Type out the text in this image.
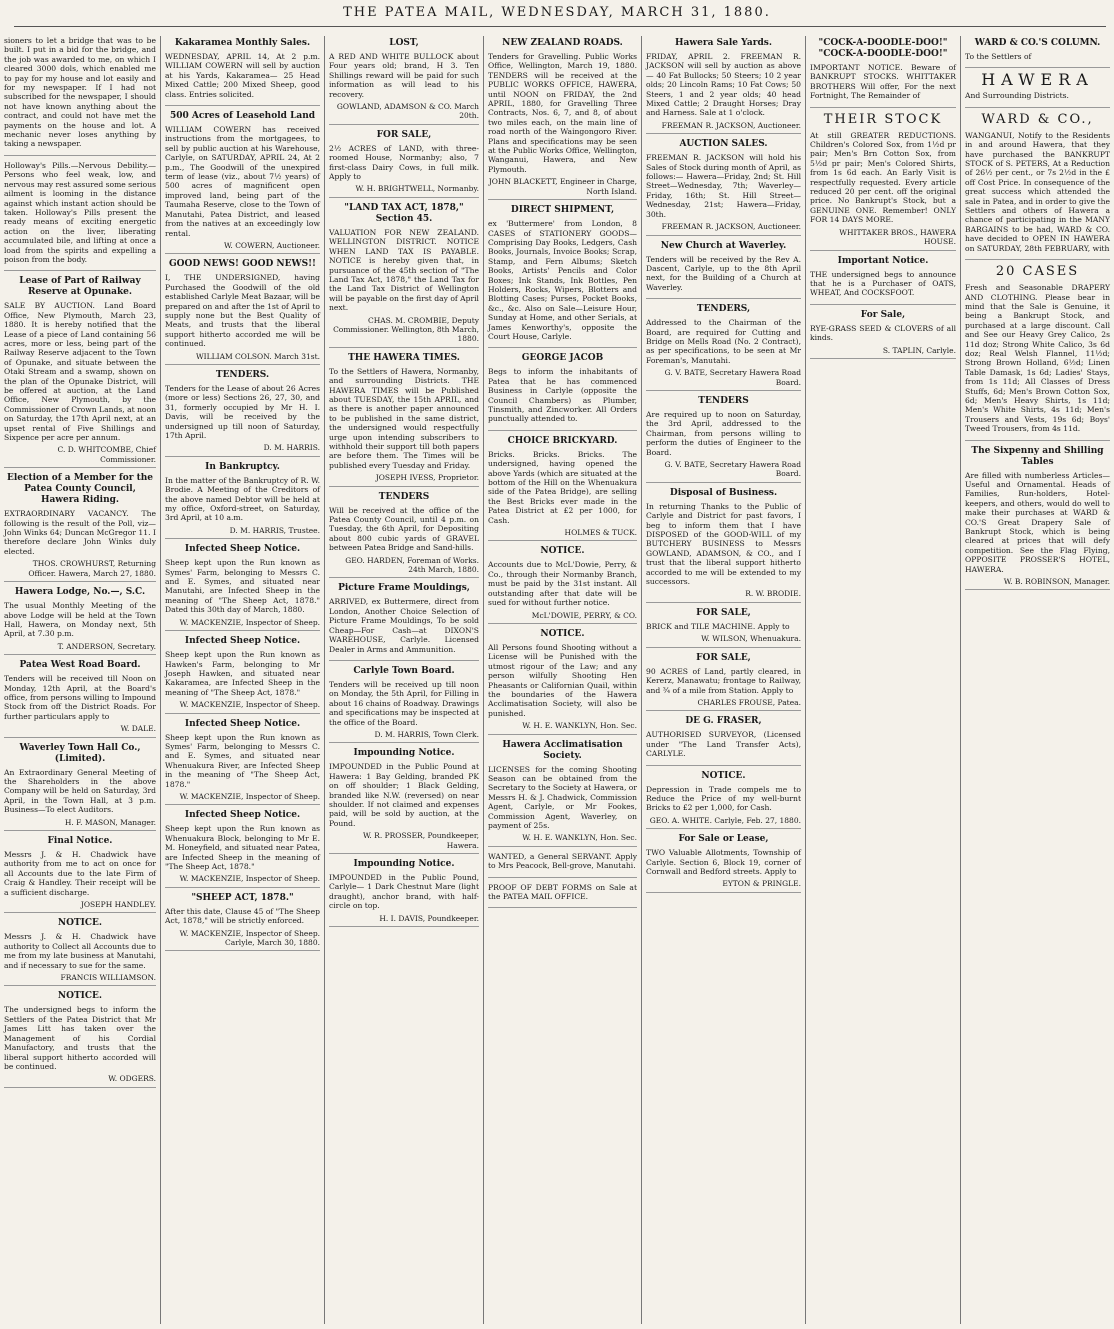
THE PATEA MAIL, WEDNESDAY, MARCH 31, 1880.

sioners to let a bridge that was to be built. I put in a bid for the bridge, and the job was awarded to me, on which I cleared 3000 dols, which enabled me to pay for my house and lot easily and for my newspaper. If I had not subscribed for the newspaper, I should not have known anything about the contract, and could not have met the payments on the house and lot. A mechanic never loses anything by taking a newspaper.

Holloway's Pills.—Nervous Debility.—Persons who feel weak, low, and nervous may rest assured some serious ailment is looming in the distance against which instant action should be taken. Holloway's Pills present the ready means of exciting energetic action on the liver, liberating accumulated bile, and lifting at once a load from the spirits and expelling a poison from the body.

Lease of Part of Railway Reserve at Opunake.

SALE BY AUCTION. Land Board Office, New Plymouth, March 23, 1880. It is hereby notified that the Lease of a piece of Land containing 56 acres, more or less, being part of the Railway Reserve adjacent to the Town of Opunake, and situate between the Otaki Stream and a swamp, shown on the plan of the Opunake District, will be offered at auction, at the Land Office, New Plymouth, by the Commissioner of Crown Lands, at noon on Saturday, the 17th April next, at an upset rental of Five Shillings and Sixpence per acre per annum.

C. D. WHITCOMBE, Chief Commissioner.
Election of a Member for the Patea County Council, Hawera Riding.

EXTRAORDINARY VACANCY. The following is the result of the Poll, viz— John Winks 64; Duncan McGregor 11. I therefore declare John Winks duly elected.

THOS. CROWHURST, Returning Officer. Hawera, March 27, 1880.
Hawera Lodge, No.—, S.C.

The usual Monthly Meeting of the above Lodge will be held at the Town Hall, Hawera, on Monday next, 5th April, at 7.30 p.m.

T. ANDERSON, Secretary.
Patea West Road Board.

Tenders will be received till Noon on Monday, 12th April, at the Board's office, from persons willing to Impound Stock from off the District Roads. For further particulars apply to

W. DALE.
Waverley Town Hall Co., (Limited).

An Extraordinary General Meeting of the Shareholders in the above Company will be held on Saturday, 3rd April, in the Town Hall, at 3 p.m. Business—To elect Auditors.

H. F. MASON, Manager.
Final Notice.

Messrs J. & H. Chadwick have authority from me to act on once for all Accounts due to the late Firm of Craig & Handley. Their receipt will be a sufficient discharge.

JOSEPH HANDLEY.
NOTICE.

Messrs J. & H. Chadwick have authority to Collect all Accounts due to me from my late business at Manutahi, and if necessary to sue for the same.

FRANCIS WILLIAMSON.
NOTICE.

The undersigned begs to inform the Settlers of the Patea District that Mr James Litt has taken over the Management of his Cordial Manufactory, and trusts that the liberal support hitherto accorded will be continued.

W. ODGERS.
Kakaramea Monthly Sales.

WEDNESDAY, APRIL 14, At 2 p.m. WILLIAM COWERN will sell by auction at his Yards, Kakaramea— 25 Head Mixed Cattle; 200 Mixed Sheep, good class. Entries solicited.

500 Acres of Leasehold Land

WILLIAM COWERN has received instructions from the mortgagees, to sell by public auction at his Warehouse, Carlyle, on SATURDAY, APRIL 24, At 2 p.m., The Goodwill of the unexpired term of lease (viz., about 7½ years) of 500 acres of magnificent open improved land, being part of the Taumaha Reserve, close to the Town of Manutahi, Patea District, and leased from the natives at an exceedingly low rental.

W. COWERN, Auctioneer.
GOOD NEWS! GOOD NEWS!!

I, THE UNDERSIGNED, having Purchased the Goodwill of the old established Carlyle Meat Bazaar, will be prepared on and after the 1st of April to supply none but the Best Quality of Meats, and trusts that the liberal support hitherto accorded me will be continued.

WILLIAM COLSON. March 31st.
TENDERS.

Tenders for the Lease of about 26 Acres (more or less) Sections 26, 27, 30, and 31, formerly occupied by Mr H. I. Davis, will be received by the undersigned up till noon of Saturday, 17th April.

D. M. HARRIS.
In Bankruptcy.

In the matter of the Bankruptcy of R. W. Brodie. A Meeting of the Creditors of the above named Debtor will be held at my office, Oxford-street, on Saturday, 3rd April, at 10 a.m.

D. M. HARRIS, Trustee.
Infected Sheep Notice.

Sheep kept upon the Run known as Symes' Farm, belonging to Messrs C. and E. Symes, and situated near Manutahi, are Infected Sheep in the meaning of "The Sheep Act, 1878." Dated this 30th day of March, 1880.

W. MACKENZIE, Inspector of Sheep.
Infected Sheep Notice.

Sheep kept upon the Run known as Hawken's Farm, belonging to Mr Joseph Hawken, and situated near Kakaramea, are Infected Sheep in the meaning of "The Sheep Act, 1878."

W. MACKENZIE, Inspector of Sheep.
Infected Sheep Notice.

Sheep kept upon the Run known as Symes' Farm, belonging to Messrs C. and E. Symes, and situated near Whenuakura River, are Infected Sheep in the meaning of "The Sheep Act, 1878."

W. MACKENZIE, Inspector of Sheep.
Infected Sheep Notice.

Sheep kept upon the Run known as Whenuakura Block, belonging to Mr E. M. Honeyfield, and situated near Patea, are Infected Sheep in the meaning of "The Sheep Act, 1878."

W. MACKENZIE, Inspector of Sheep.
"SHEEP ACT, 1878."

After this date, Clause 45 of "The Sheep Act, 1878," will be strictly enforced.

W. MACKENZIE, Inspector of Sheep. Carlyle, March 30, 1880.
LOST,

A RED AND WHITE BULLOCK about Four years old; brand, H 3. Ten Shillings reward will be paid for such information as will lead to his recovery.

GOWLAND, ADAMSON & CO. March 20th.
FOR SALE,

2½ ACRES of LAND, with three-roomed House, Normanby; also, 7 first-class Dairy Cows, in full milk. Apply to

W. H. BRIGHTWELL, Normanby.
"LAND TAX ACT, 1878," Section 45.

VALUATION FOR NEW ZEALAND. WELLINGTON DISTRICT. NOTICE WHEN LAND TAX IS PAYABLE. NOTICE is hereby given that, in pursuance of the 45th section of "The Land Tax Act, 1878," the Land Tax for the Land Tax District of Wellington will be payable on the first day of April next.

CHAS. M. CROMBIE, Deputy Commissioner. Wellington, 8th March, 1880.
THE HAWERA TIMES.

To the Settlers of Hawera, Normanby, and surrounding Districts. THE HAWERA TIMES will be Published about TUESDAY, the 15th APRIL, and as there is another paper announced to be published in the same district, the undersigned would respectfully urge upon intending subscribers to withhold their support till both papers are before them. The Times will be published every Tuesday and Friday.

JOSEPH IVESS, Proprietor.
TENDERS

Will be received at the office of the Patea County Council, until 4 p.m. on Tuesday, the 6th April, for Depositing about 800 cubic yards of GRAVEL between Patea Bridge and Sand-hills.

GEO. HARDEN, Foreman of Works. 24th March, 1880.
Picture Frame Mouldings,

ARRIVED, ex Buttermere, direct from London, Another Choice Selection of Picture Frame Mouldings, To be sold Cheap—For Cash—at DIXON'S WAREHOUSE, Carlyle. Licensed Dealer in Arms and Ammunition.

Carlyle Town Board.

Tenders will be received up till noon on Monday, the 5th April, for Filling in about 16 chains of Roadway. Drawings and specifications may be inspected at the office of the Board.

D. M. HARRIS, Town Clerk.
Impounding Notice.

IMPOUNDED in the Public Pound at Hawera: 1 Bay Gelding, branded PK on off shoulder; 1 Black Gelding, branded like N.W. (reversed) on near shoulder. If not claimed and expenses paid, will be sold by auction, at the Pound.

W. R. PROSSER, Poundkeeper, Hawera.
Impounding Notice.

IMPOUNDED in the Public Pound, Carlyle— 1 Dark Chestnut Mare (light draught), anchor brand, with half-circle on top.

H. I. DAVIS, Poundkeeper.
NEW ZEALAND ROADS.

Tenders for Gravelling. Public Works Office, Wellington, March 19, 1880. TENDERS will be received at the PUBLIC WORKS OFFICE, HAWERA, until NOON on FRIDAY, the 2nd APRIL, 1880, for Gravelling Three Contracts, Nos. 6, 7, and 8, of about two miles each, on the main line of road north of the Waingongoro River. Plans and specifications may be seen at the Public Works Office, Wellington, Wanganui, Hawera, and New Plymouth.

JOHN BLACKETT, Engineer in Charge, North Island.
DIRECT SHIPMENT,

ex 'Buttermere' from London, 8 CASES of STATIONERY GOODS—Comprising Day Books, Ledgers, Cash Books, Journals, Invoice Books; Scrap, Stamp, and Fern Albums; Sketch Books, Artists' Pencils and Color Boxes; Ink Stands, Ink Bottles, Pen Holders, Rocks, Wipers, Blotters and Blotting Cases; Purses, Pocket Books, &c., &c. Also on Sale—Leisure Hour, Sunday at Home, and other Serials, at James Kenworthy's, opposite the Court House, Carlyle.

GEORGE JACOB

Begs to inform the inhabitants of Patea that he has commenced Business in Carlyle (opposite the Council Chambers) as Plumber, Tinsmith, and Zincworker. All Orders punctually attended to.

CHOICE BRICKYARD.

Bricks. Bricks. Bricks. The undersigned, having opened the above Yards (which are situated at the bottom of the Hill on the Whenuakura side of the Patea Bridge), are selling the Best Bricks ever made in the Patea District at £2 per 1000, for Cash.

HOLMES & TUCK.
NOTICE.

Accounts due to McL'Dowie, Perry, & Co., through their Normanby Branch, must be paid by the 31st instant. All outstanding after that date will be sued for without further notice.

McL'DOWIE, PERRY, & CO.
NOTICE.

All Persons found Shooting without a License will be Punished with the utmost rigour of the Law; and any person wilfully Shooting Hen Pheasants or Californian Quail, within the boundaries of the Hawera Acclimatisation Society, will also be punished.

W. H. E. WANKLYN, Hon. Sec.
Hawera Acclimatisation Society.

LICENSES for the coming Shooting Season can be obtained from the Secretary to the Society at Hawera, or Messrs H. & J. Chadwick, Commission Agent, Carlyle, or Mr Fookes, Commission Agent, Waverley, on payment of 25s.

W. H. E. WANKLYN, Hon. Sec.

WANTED, a General SERVANT. Apply to Mrs Peacock, Bell-grove, Manutahi.

PROOF OF DEBT FORMS on Sale at the PATEA MAIL OFFICE.

Hawera Sale Yards.

FRIDAY, APRIL 2. FREEMAN R. JACKSON will sell by auction as above— 40 Fat Bullocks; 50 Steers; 10 2 year olds; 20 Lincoln Rams; 10 Fat Cows; 50 Steers, 1 and 2 year olds; 40 head Mixed Cattle; 2 Draught Horses; Dray and Harness. Sale at 1 o'clock.

FREEMAN R. JACKSON, Auctioneer.
AUCTION SALES.

FREEMAN R. JACKSON will hold his Sales of Stock during month of April, as follows:— Hawera—Friday, 2nd; St. Hill Street—Wednesday, 7th; Waverley—Friday, 16th; St. Hill Street—Wednesday, 21st; Hawera—Friday, 30th.

FREEMAN R. JACKSON, Auctioneer.
New Church at Waverley.

Tenders will be received by the Rev A. Dascent, Carlyle, up to the 8th April next, for the Building of a Church at Waverley.

TENDERS,

Addressed to the Chairman of the Board, are required for Cutting and Bridge on Mells Road (No. 2 Contract), as per specifications, to be seen at Mr Foreman's, Manutahi.

G. V. BATE, Secretary Hawera Road Board.
TENDERS

Are required up to noon on Saturday, the 3rd April, addressed to the Chairman, from persons willing to perform the duties of Engineer to the Board.

G. V. BATE, Secretary Hawera Road Board.
Disposal of Business.

In returning Thanks to the Public of Carlyle and District for past favors, I beg to inform them that I have DISPOSED of the GOOD-WILL of my BUTCHERY BUSINESS to Messrs GOWLAND, ADAMSON, & CO., and I trust that the liberal support hitherto accorded to me will be extended to my successors.

R. W. BRODIE.
FOR SALE,

BRICK and TILE MACHINE. Apply to

W. WILSON, Whenuakura.
FOR SALE,

90 ACRES of Land, partly cleared, in Kererz, Manawatu; frontage to Railway, and ¾ of a mile from Station. Apply to

CHARLES FROUSE, Patea.
DE G. FRASER,

AUTHORISED SURVEYOR, (Licensed under "The Land Transfer Acts), CARLYLE.

NOTICE.

Depression in Trade compels me to Reduce the Price of my well-burnt Bricks to £2 per 1,000, for Cash.

GEO. A. WHITE. Carlyle, Feb. 27, 1880.
For Sale or Lease,

TWO Valuable Allotments, Township of Carlyle. Section 6, Block 19, corner of Cornwall and Bedford streets. Apply to

EYTON & PRINGLE.
"COCK-A-DOODLE-DOO!" "COCK-A-DOODLE-DOO!"

IMPORTANT NOTICE. Beware of BANKRUPT STOCKS. WHITTAKER BROTHERS Will offer, For the next Fortnight, The Remainder of

THEIR STOCK

At still GREATER REDUCTIONS. Children's Colored Sox, from 1½d pr pair; Men's Brn Cotton Sox, from 5½d pr pair; Men's Colored Shirts, from 1s 6d each. An Early Visit is respectfully requested. Every article reduced 20 per cent. off the original price. No Bankrupt's Stock, but a GENUINE ONE. Remember! ONLY FOR 14 DAYS MORE.

WHITTAKER BROS., HAWERA HOUSE.
Important Notice.

THE undersigned begs to announce that he is a Purchaser of OATS, WHEAT, And COCKSFOOT.

For Sale,

RYE-GRASS SEED & CLOVERS of all kinds.

S. TAPLIN, Carlyle.
WARD & CO.'S COLUMN.

To the Settlers of

HAWERA

And Surrounding Districts.

WARD & CO.,

WANGANUI, Notify to the Residents in and around Hawera, that they have purchased the BANKRUPT STOCK of S. PETERS, At a Reduction of 26½ per cent., or 7s 2½d in the £ off Cost Price. In consequence of the great success which attended the sale in Patea, and in order to give the Settlers and others of Hawera a chance of participating in the MANY BARGAINS to be had, WARD & CO. have decided to OPEN IN HAWERA on SATURDAY, 28th FEBRUARY, with

20 CASES

Fresh and Seasonable DRAPERY AND CLOTHING. Please bear in mind that the Sale is Genuine, it being a Bankrupt Stock, and purchased at a large discount. Call and See our Heavy Grey Calico, 2s 11d doz; Strong White Calico, 3s 6d doz; Real Welsh Flannel, 11½d; Strong Brown Holland, 6½d; Linen Table Damask, 1s 6d; Ladies' Stays, from 1s 11d; All Classes of Dress Stuffs, 6d; Men's Brown Cotton Sox, 6d; Men's Heavy Shirts, 1s 11d; Men's White Shirts, 4s 11d; Men's Trousers and Vests, 19s 6d; Boys' Tweed Trousers, from 4s 11d.

The Sixpenny and Shilling Tables

Are filled with numberless Articles—Useful and Ornamental. Heads of Families, Run-holders, Hotel-keepers, and others, would do well to make their purchases at WARD & CO.'S Great Drapery Sale of Bankrupt Stock, which is being cleared at prices that will defy competition. See the Flag Flying, OPPOSITE PROSSER'S HOTEL, HAWERA.

W. B. ROBINSON, Manager.
